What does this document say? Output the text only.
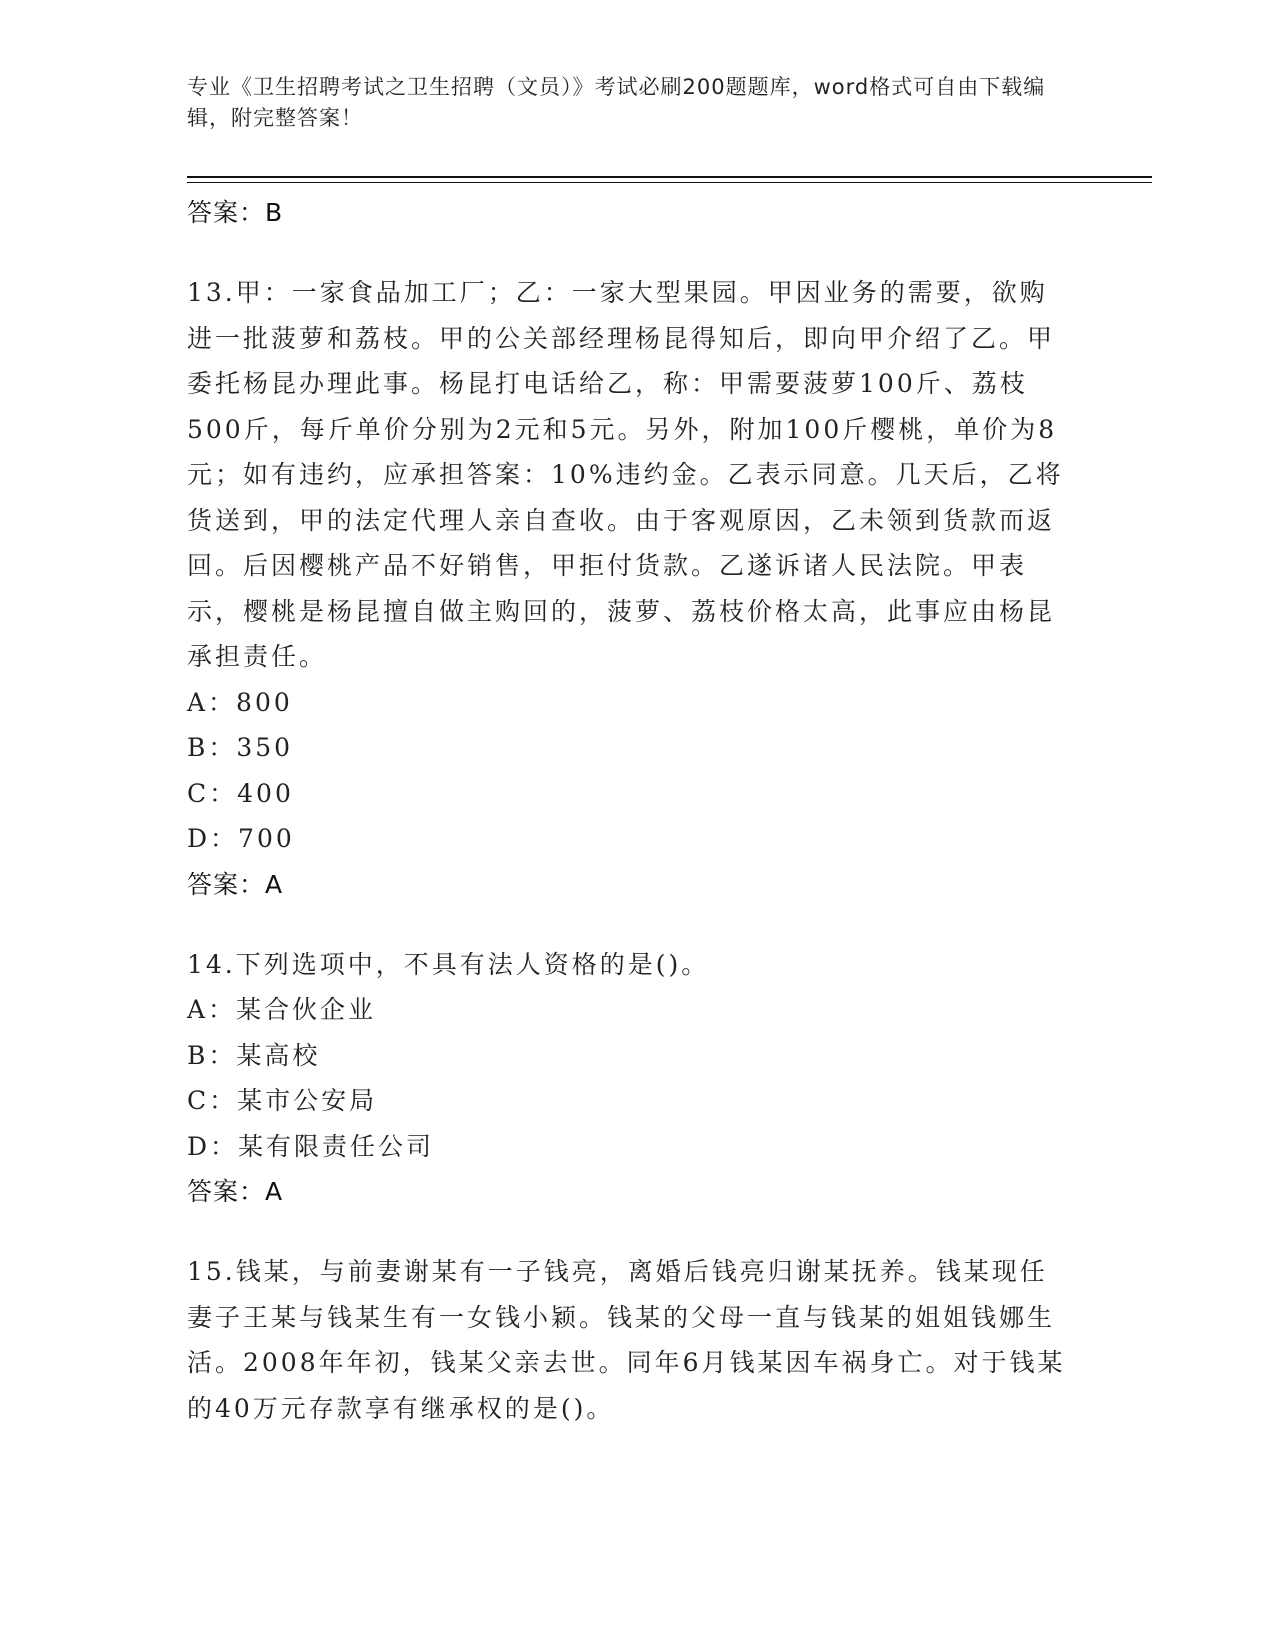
专业《卫生招聘考试之卫生招聘（文员）》考试必刷200题题库，word格式可自由下载编辑，附完整答案！
答案：B
13.甲：一家食品加工厂；乙：一家大型果园。甲因业务的需要，欲购进一批菠萝和荔枝。甲的公关部经理杨昆得知后，即向甲介绍了乙。甲委托杨昆办理此事。杨昆打电话给乙，称：甲需要菠萝100斤、荔枝500斤，每斤单价分别为2元和5元。另外，附加100斤樱桃，单价为8元；如有违约，应承担答案：10%违约金。乙表示同意。几天后，乙将货送到，甲的法定代理人亲自查收。由于客观原因，乙未领到货款而返回。后因樱桃产品不好销售，甲拒付货款。乙遂诉诸人民法院。甲表示，樱桃是杨昆擅自做主购回的，菠萝、荔枝价格太高，此事应由杨昆承担责任。
A：800
B：350
C：400
D：700
答案：A
14.下列选项中，不具有法人资格的是()。
A：某合伙企业
B：某高校
C：某市公安局
D：某有限责任公司
答案：A
15.钱某，与前妻谢某有一子钱亮，离婚后钱亮归谢某抚养。钱某现任妻子王某与钱某生有一女钱小颖。钱某的父母一直与钱某的姐姐钱娜生活。2008年年初，钱某父亲去世。同年6月钱某因车祸身亡。对于钱某的40万元存款享有继承权的是()。
